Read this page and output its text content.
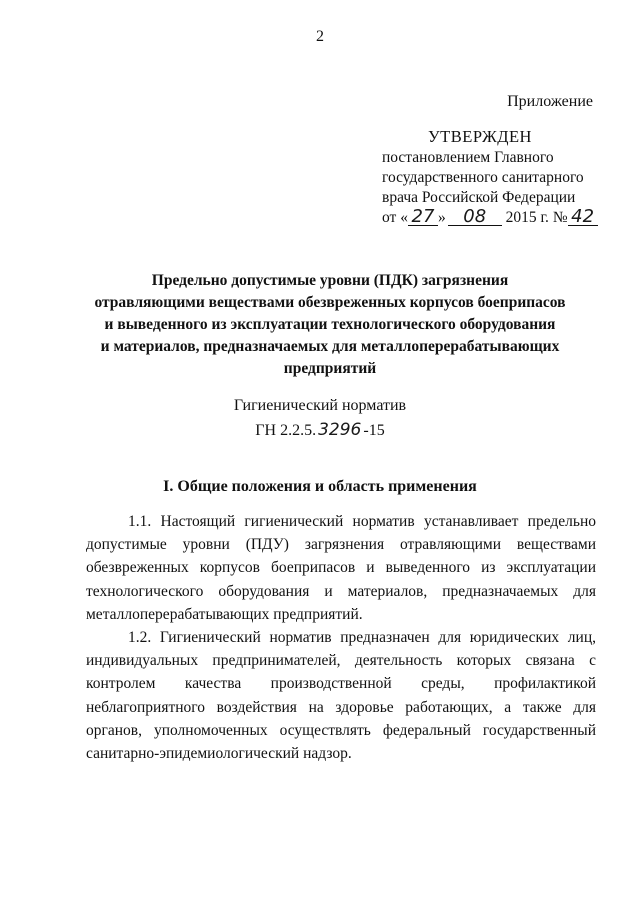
2
Приложение
УТВЕРЖДЕН
постановлением Главного
государственного санитарного
врача Российской Федерации
от « 27 » 08 2015 г. № 42
Предельно допустимые уровни (ПДК) загрязнения
отравляющими веществами обезвреженных корпусов боеприпасов
и выведенного из эксплуатации технологического оборудования
и материалов, предназначаемых для металлоперерабатывающих
предприятий
Гигиенический норматив
ГН 2.2.5. 3296 -15
I. Общие положения и область применения
1.1. Настоящий гигиенический норматив устанавливает предельно допустимые уровни (ПДУ) загрязнения отравляющими веществами обезвреженных корпусов боеприпасов и выведенного из эксплуатации технологического оборудования и материалов, предназначаемых для металлоперерабатывающих предприятий.
1.2. Гигиенический норматив предназначен для юридических лиц, индивидуальных предпринимателей, деятельность которых связана с контролем качества производственной среды, профилактикой неблагоприятного воздействия на здоровье работающих, а также для органов, уполномоченных осуществлять федеральный государственный санитарно-эпидемиологический надзор.
